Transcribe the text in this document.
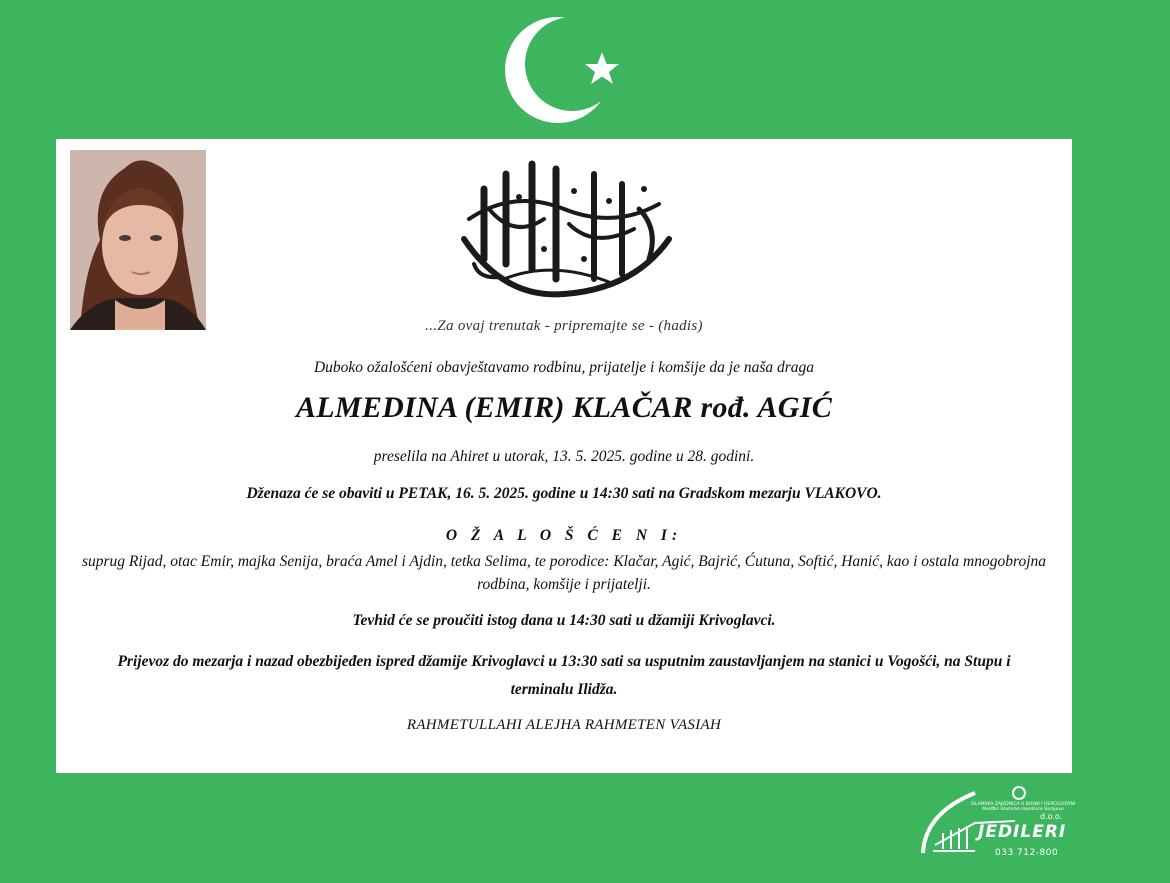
...Za ovaj trenutak - pripremajte se - (hadis)
Duboko ožalošćeni obavještavamo rodbinu, prijatelje i komšije da je naša draga
ALMEDINA (EMIR) KLAČAR rođ. AGIĆ
preselila na Ahiret u utorak, 13. 5. 2025. godine u 28. godini.
Dženaza će se obaviti u PETAK, 16. 5. 2025. godine u 14:30 sati na Gradskom mezarju VLAKOVO.
O Ž A L O Š Ć E N I:
suprug Rijad, otac Emir, majka Senija, braća Amel i Ajdin, tetka Selima, te porodice: Klačar, Agić, Bajrić, Ćutuna, Softić, Hanić, kao i ostala mnogobrojna rodbina, komšije i prijatelji.
Tevhid će se proučiti istog dana u 14:30 sati u džamiji Krivoglavci.
Prijevoz do mezarja i nazad obezbijeđen ispred džamije Krivoglavci u 13:30 sati sa usputnim zaustavljanjem na stanici u Vogošći, na Stupu i terminalu Ilidža.
RAHMETULLAHI ALEJHA RAHMETEN VASIAH
ISLAMSKA ZAJEDNICA U BOSNI I HERCEGOVINI Medžlis Islamske zajednice Sarajevo
d.o.o.
JEDILERI
033 712-800
